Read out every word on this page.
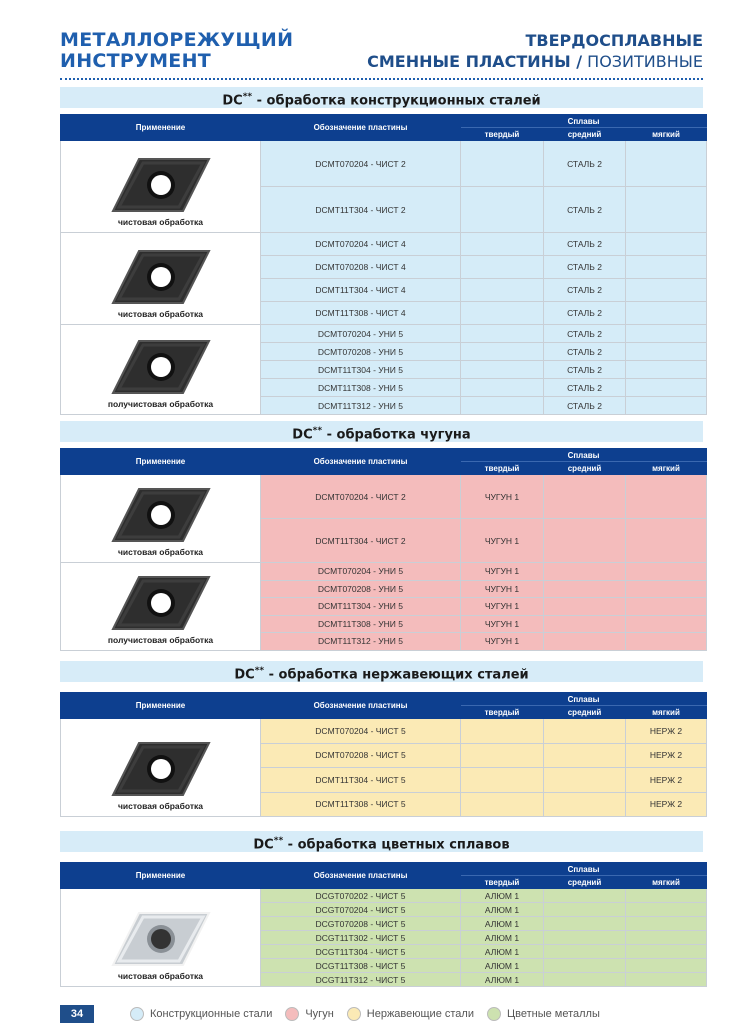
МЕТАЛЛОРЕЖУЩИЙ
ИНСТРУМЕНТ
ТВЕРДОСПЛАВНЫЕ
СМЕННЫЕ ПЛАСТИНЫ / ПОЗИТИВНЫЕ
DC** - обработка конструкционных сталей
Применение	Обозначение пластины	Сплавы		
		твердый	средний	мягкий

чистовая обработка	DCMT070204 - ЧИСТ 2		СТАЛЬ 2	
	DCMT11T304 - ЧИСТ 2		СТАЛЬ 2	

чистовая обработка	DCMT070204 - ЧИСТ 4		СТАЛЬ 2	
	DCMT070208 - ЧИСТ 4		СТАЛЬ 2	
	DCMT11T304 - ЧИСТ 4		СТАЛЬ 2	
	DCMT11T308 - ЧИСТ 4		СТАЛЬ 2	

получистовая обработка	DCMT070204 - УНИ 5		СТАЛЬ 2	
	DCMT070208 - УНИ 5		СТАЛЬ 2	
	DCMT11T304 - УНИ 5		СТАЛЬ 2	
	DCMT11T308 - УНИ 5		СТАЛЬ 2	
	DCMT11T312 - УНИ 5		СТАЛЬ 2	
DC** - обработка чугуна
Применение	Обозначение пластины	Сплавы		
		твердый	средний	мягкий

чистовая обработка	DCMT070204 - ЧИСТ 2	ЧУГУН 1		
	DCMT11T304 - ЧИСТ 2	ЧУГУН 1		

получистовая обработка	DCMT070204 - УНИ 5	ЧУГУН 1		
	DCMT070208 - УНИ 5	ЧУГУН 1		
	DCMT11T304 - УНИ 5	ЧУГУН 1		
	DCMT11T308 - УНИ 5	ЧУГУН 1		
	DCMT11T312 - УНИ 5	ЧУГУН 1		
DC** - обработка нержавеющих сталей
Применение	Обозначение пластины	Сплавы		
		твердый	средний	мягкий

чистовая обработка	DCMT070204 - ЧИСТ 5			НЕРЖ 2
	DCMT070208 - ЧИСТ 5			НЕРЖ 2
	DCMT11T304 - ЧИСТ 5			НЕРЖ 2
	DCMT11T308 - ЧИСТ 5			НЕРЖ 2
DC** - обработка цветных сплавов
Применение	Обозначение пластины	Сплавы		
		твердый	средний	мягкий

чистовая обработка	DCGT070202 - ЧИСТ 5	АЛЮМ 1		
	DCGT070204 - ЧИСТ 5	АЛЮМ 1		
	DCGT070208 - ЧИСТ 5	АЛЮМ 1		
	DCGT11T302 - ЧИСТ 5	АЛЮМ 1		
	DCGT11T304 - ЧИСТ 5	АЛЮМ 1		
	DCGT11T308 - ЧИСТ 5	АЛЮМ 1		
	DCGT11T312 - ЧИСТ 5	АЛЮМ 1		
34	Конструкционные стали	Чугун	Нержавеющие стали	Цветные металлы
